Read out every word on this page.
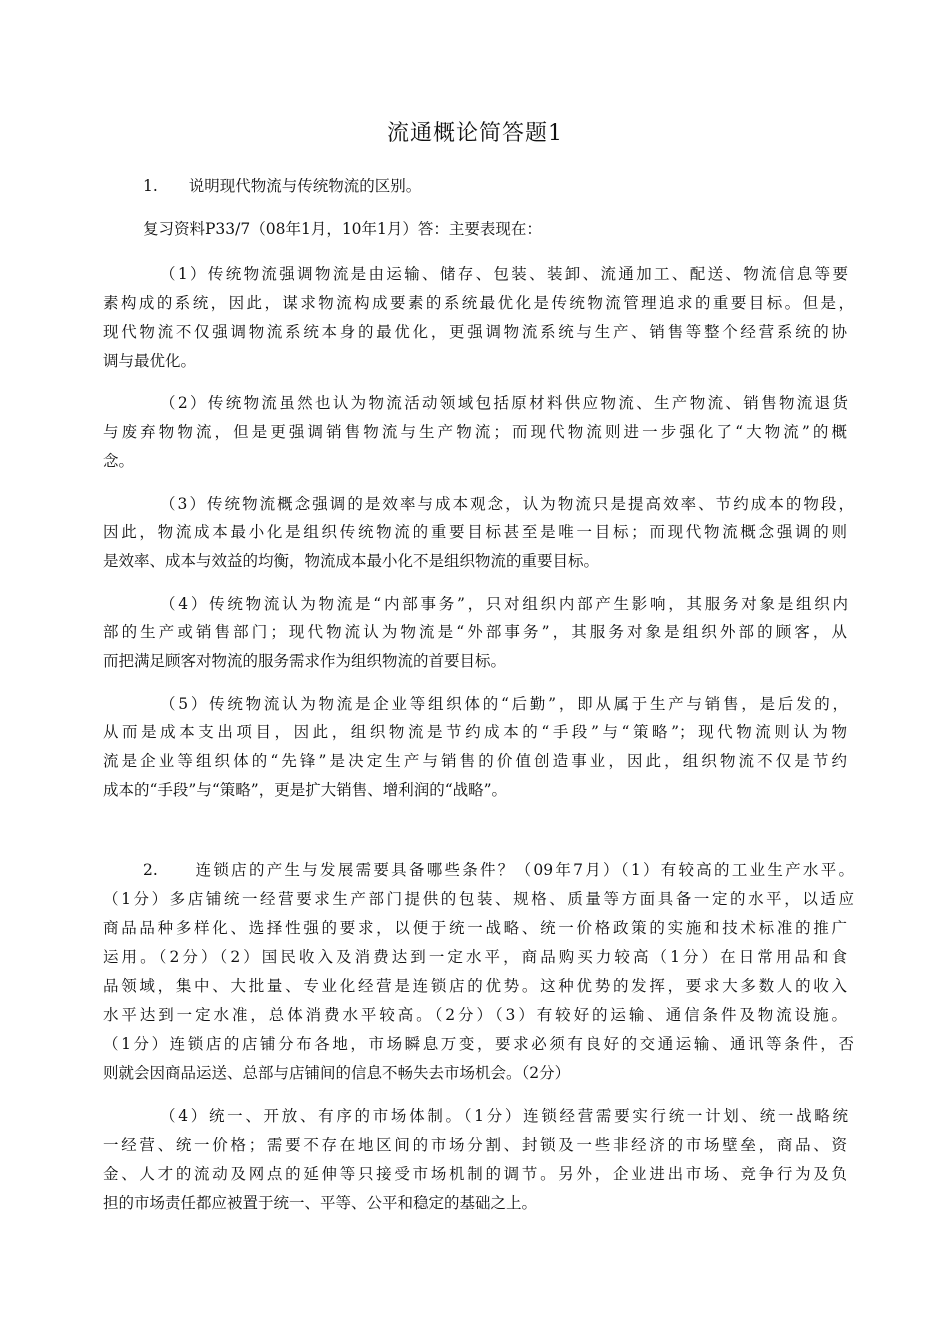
流通概论简答题1
1.　　说明现代物流与传统物流的区别。
复习资料P33/7（08年1月，10年1月）答：主要表现在：
（1）传统物流强调物流是由运输、储存、包装、装卸、流通加工、配送、物流信息等要
素构成的系统，因此，谋求物流构成要素的系统最优化是传统物流管理追求的重要目标。但是，
现代物流不仅强调物流系统本身的最优化，更强调物流系统与生产、销售等整个经营系统的协
调与最优化。
（2）传统物流虽然也认为物流活动领域包括原材料供应物流、生产物流、销售物流退货
与废弃物物流，但是更强调销售物流与生产物流；而现代物流则进一步强化了“大物流”的概
念。
（3）传统物流概念强调的是效率与成本观念，认为物流只是提高效率、节约成本的物段，
因此，物流成本最小化是组织传统物流的重要目标甚至是唯一目标；而现代物流概念强调的则
是效率、成本与效益的均衡，物流成本最小化不是组织物流的重要目标。
（4）传统物流认为物流是“内部事务”，只对组织内部产生影响，其服务对象是组织内
部的生产或销售部门；现代物流认为物流是“外部事务”，其服务对象是组织外部的顾客，从
而把满足顾客对物流的服务需求作为组织物流的首要目标。
（5）传统物流认为物流是企业等组织体的“后勤”，即从属于生产与销售，是后发的，
从而是成本支出项目，因此，组织物流是节约成本的“手段”与“策略”；现代物流则认为物
流是企业等组织体的“先锋”是决定生产与销售的价值创造事业，因此，组织物流不仅是节约
成本的“手段”与“策略”，更是扩大销售、增利润的“战略”。
2.　　连锁店的产生与发展需要具备哪些条件？（09年7月）（1）有较高的工业生产水平。
（1分）多店铺统一经营要求生产部门提供的包装、规格、质量等方面具备一定的水平，以适应
商品品种多样化、选择性强的要求，以便于统一战略、统一价格政策的实施和技术标准的推广
运用。（2分）（2）国民收入及消费达到一定水平，商品购买力较高（1分）在日常用品和食
品领域，集中、大批量、专业化经营是连锁店的优势。这种优势的发挥，要求大多数人的收入
水平达到一定水准，总体消费水平较高。（2分）（3）有较好的运输、通信条件及物流设施。
（1分）连锁店的店铺分布各地，市场瞬息万变，要求必须有良好的交通运输、通讯等条件，否
则就会因商品运送、总部与店铺间的信息不畅失去市场机会。（2分）
（4）统一、开放、有序的市场体制。（1分）连锁经营需要实行统一计划、统一战略统
一经营、统一价格；需要不存在地区间的市场分割、封锁及一些非经济的市场壁垒，商品、资
金、人才的流动及网点的延伸等只接受市场机制的调节。另外，企业进出市场、竞争行为及负
担的市场责任都应被置于统一、平等、公平和稳定的基础之上。
